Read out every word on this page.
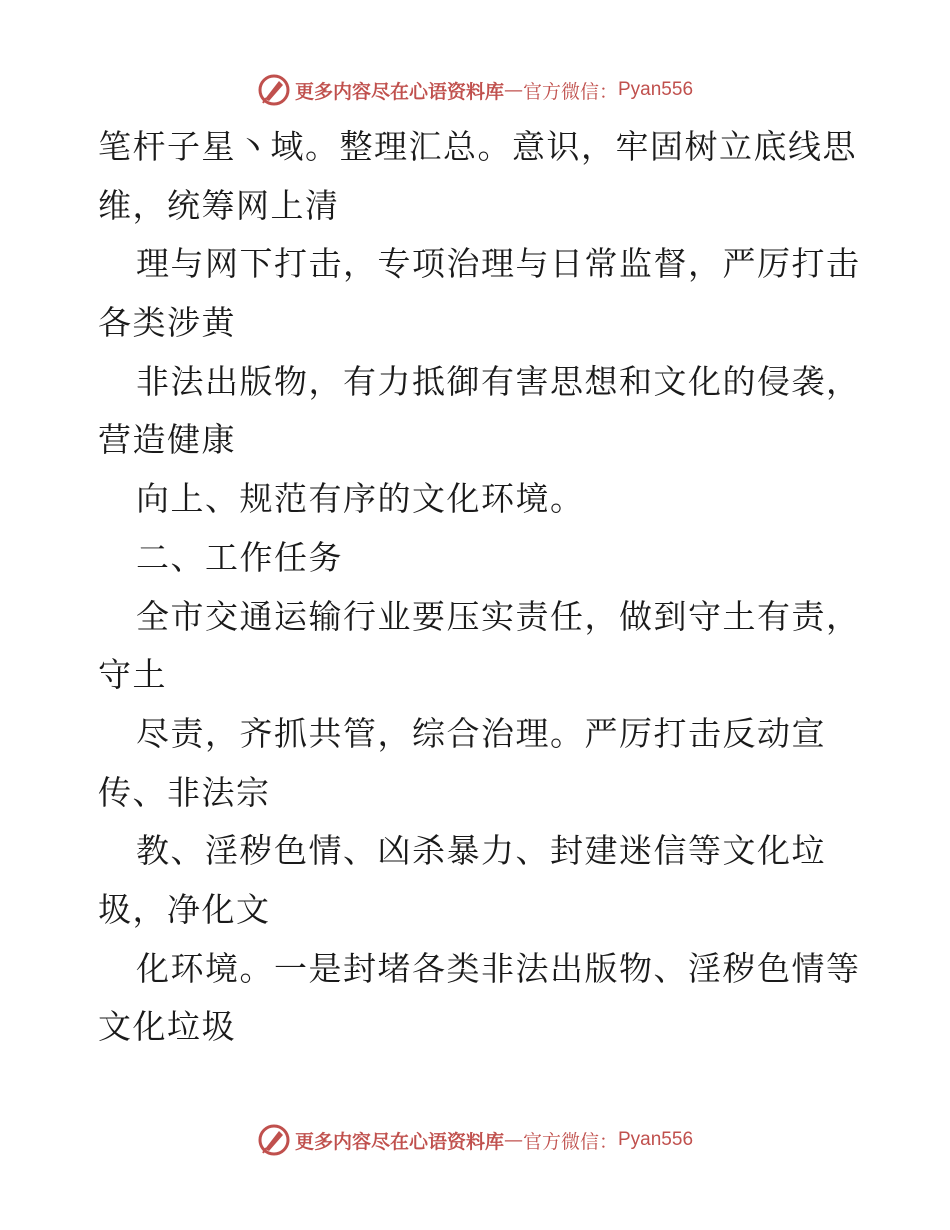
更多内容尽在心语资料库 — 官方微信： Pyan556
笔杆子星丶域。整理汇总。意识，牢固树立底线思
维，统筹网上清
理与网下打击，专项治理与日常监督，严厉打击
各类涉黄
非法出版物，有力抵御有害思想和文化的侵袭，
营造健康
向上、规范有序的文化环境。
二、工作任务
全市交通运输行业要压实责任，做到守土有责，
守土
尽责，齐抓共管，综合治理。严厉打击反动宣
传、非法宗
教、淫秽色情、凶杀暴力、封建迷信等文化垃
圾，净化文
化环境。一是封堵各类非法出版物、淫秽色情等
文化垃圾
更多内容尽在心语资料库 — 官方微信： Pyan556
